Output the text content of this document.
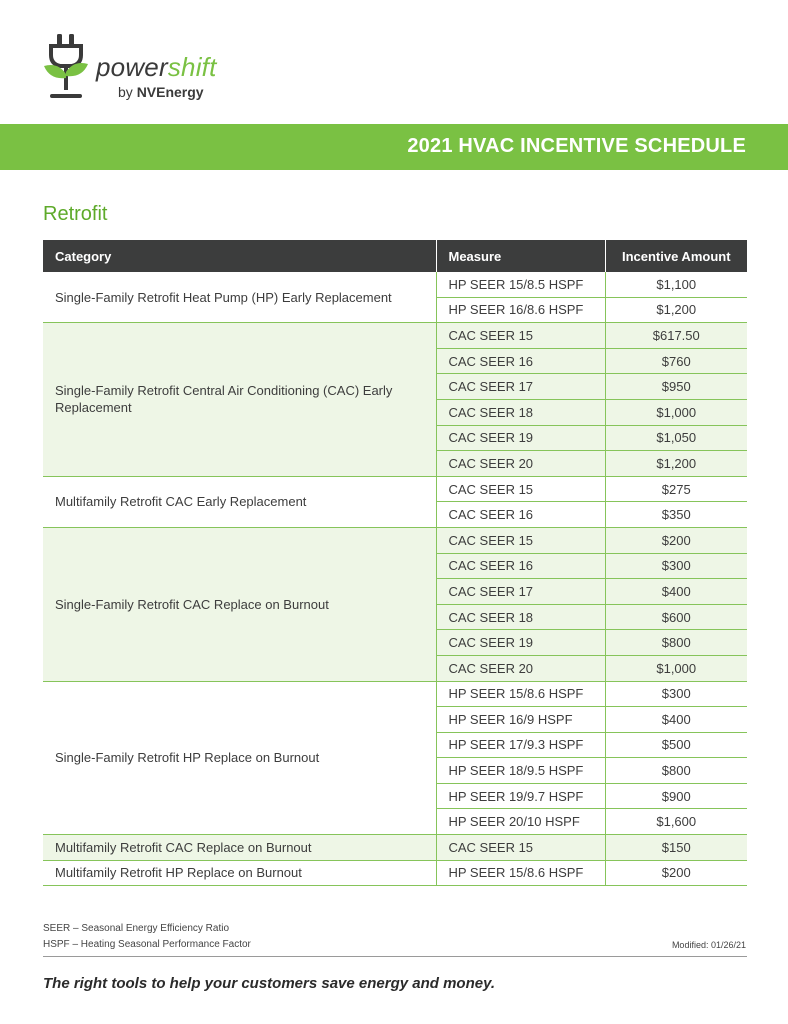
powershift
by NVEnergy
2021 HVAC INCENTIVE SCHEDULE
Retrofit
Category	Measure	Incentive Amount
Single-Family Retrofit Heat Pump (HP) Early Replacement	HP SEER 15/8.5 HSPF	$1,100
	HP SEER 16/8.6 HSPF	$1,200
Single-Family Retrofit Central Air Conditioning (CAC) Early Replacement	CAC SEER 15	$617.50
	CAC SEER 16	$760
	CAC SEER 17	$950
	CAC SEER 18	$1,000
	CAC SEER 19	$1,050
	CAC SEER 20	$1,200
Multifamily Retrofit CAC Early Replacement	CAC SEER 15	$275
	CAC SEER 16	$350
Single-Family Retrofit CAC Replace on Burnout	CAC SEER 15	$200
	CAC SEER 16	$300
	CAC SEER 17	$400
	CAC SEER 18	$600
	CAC SEER 19	$800
	CAC SEER 20	$1,000
Single-Family Retrofit HP Replace on Burnout	HP SEER 15/8.6 HSPF	$300
	HP SEER 16/9 HSPF	$400
	HP SEER 17/9.3 HSPF	$500
	HP SEER 18/9.5 HSPF	$800
	HP SEER 19/9.7 HSPF	$900
	HP SEER 20/10 HSPF	$1,600
Multifamily Retrofit CAC Replace on Burnout	CAC SEER 15	$150
Multifamily Retrofit HP Replace on Burnout	HP SEER 15/8.6 HSPF	$200
SEER – Seasonal Energy Efficiency Ratio
HSPF – Heating Seasonal Performance Factor	Modified: 01/26/21
The right tools to help your customers save energy and money.
